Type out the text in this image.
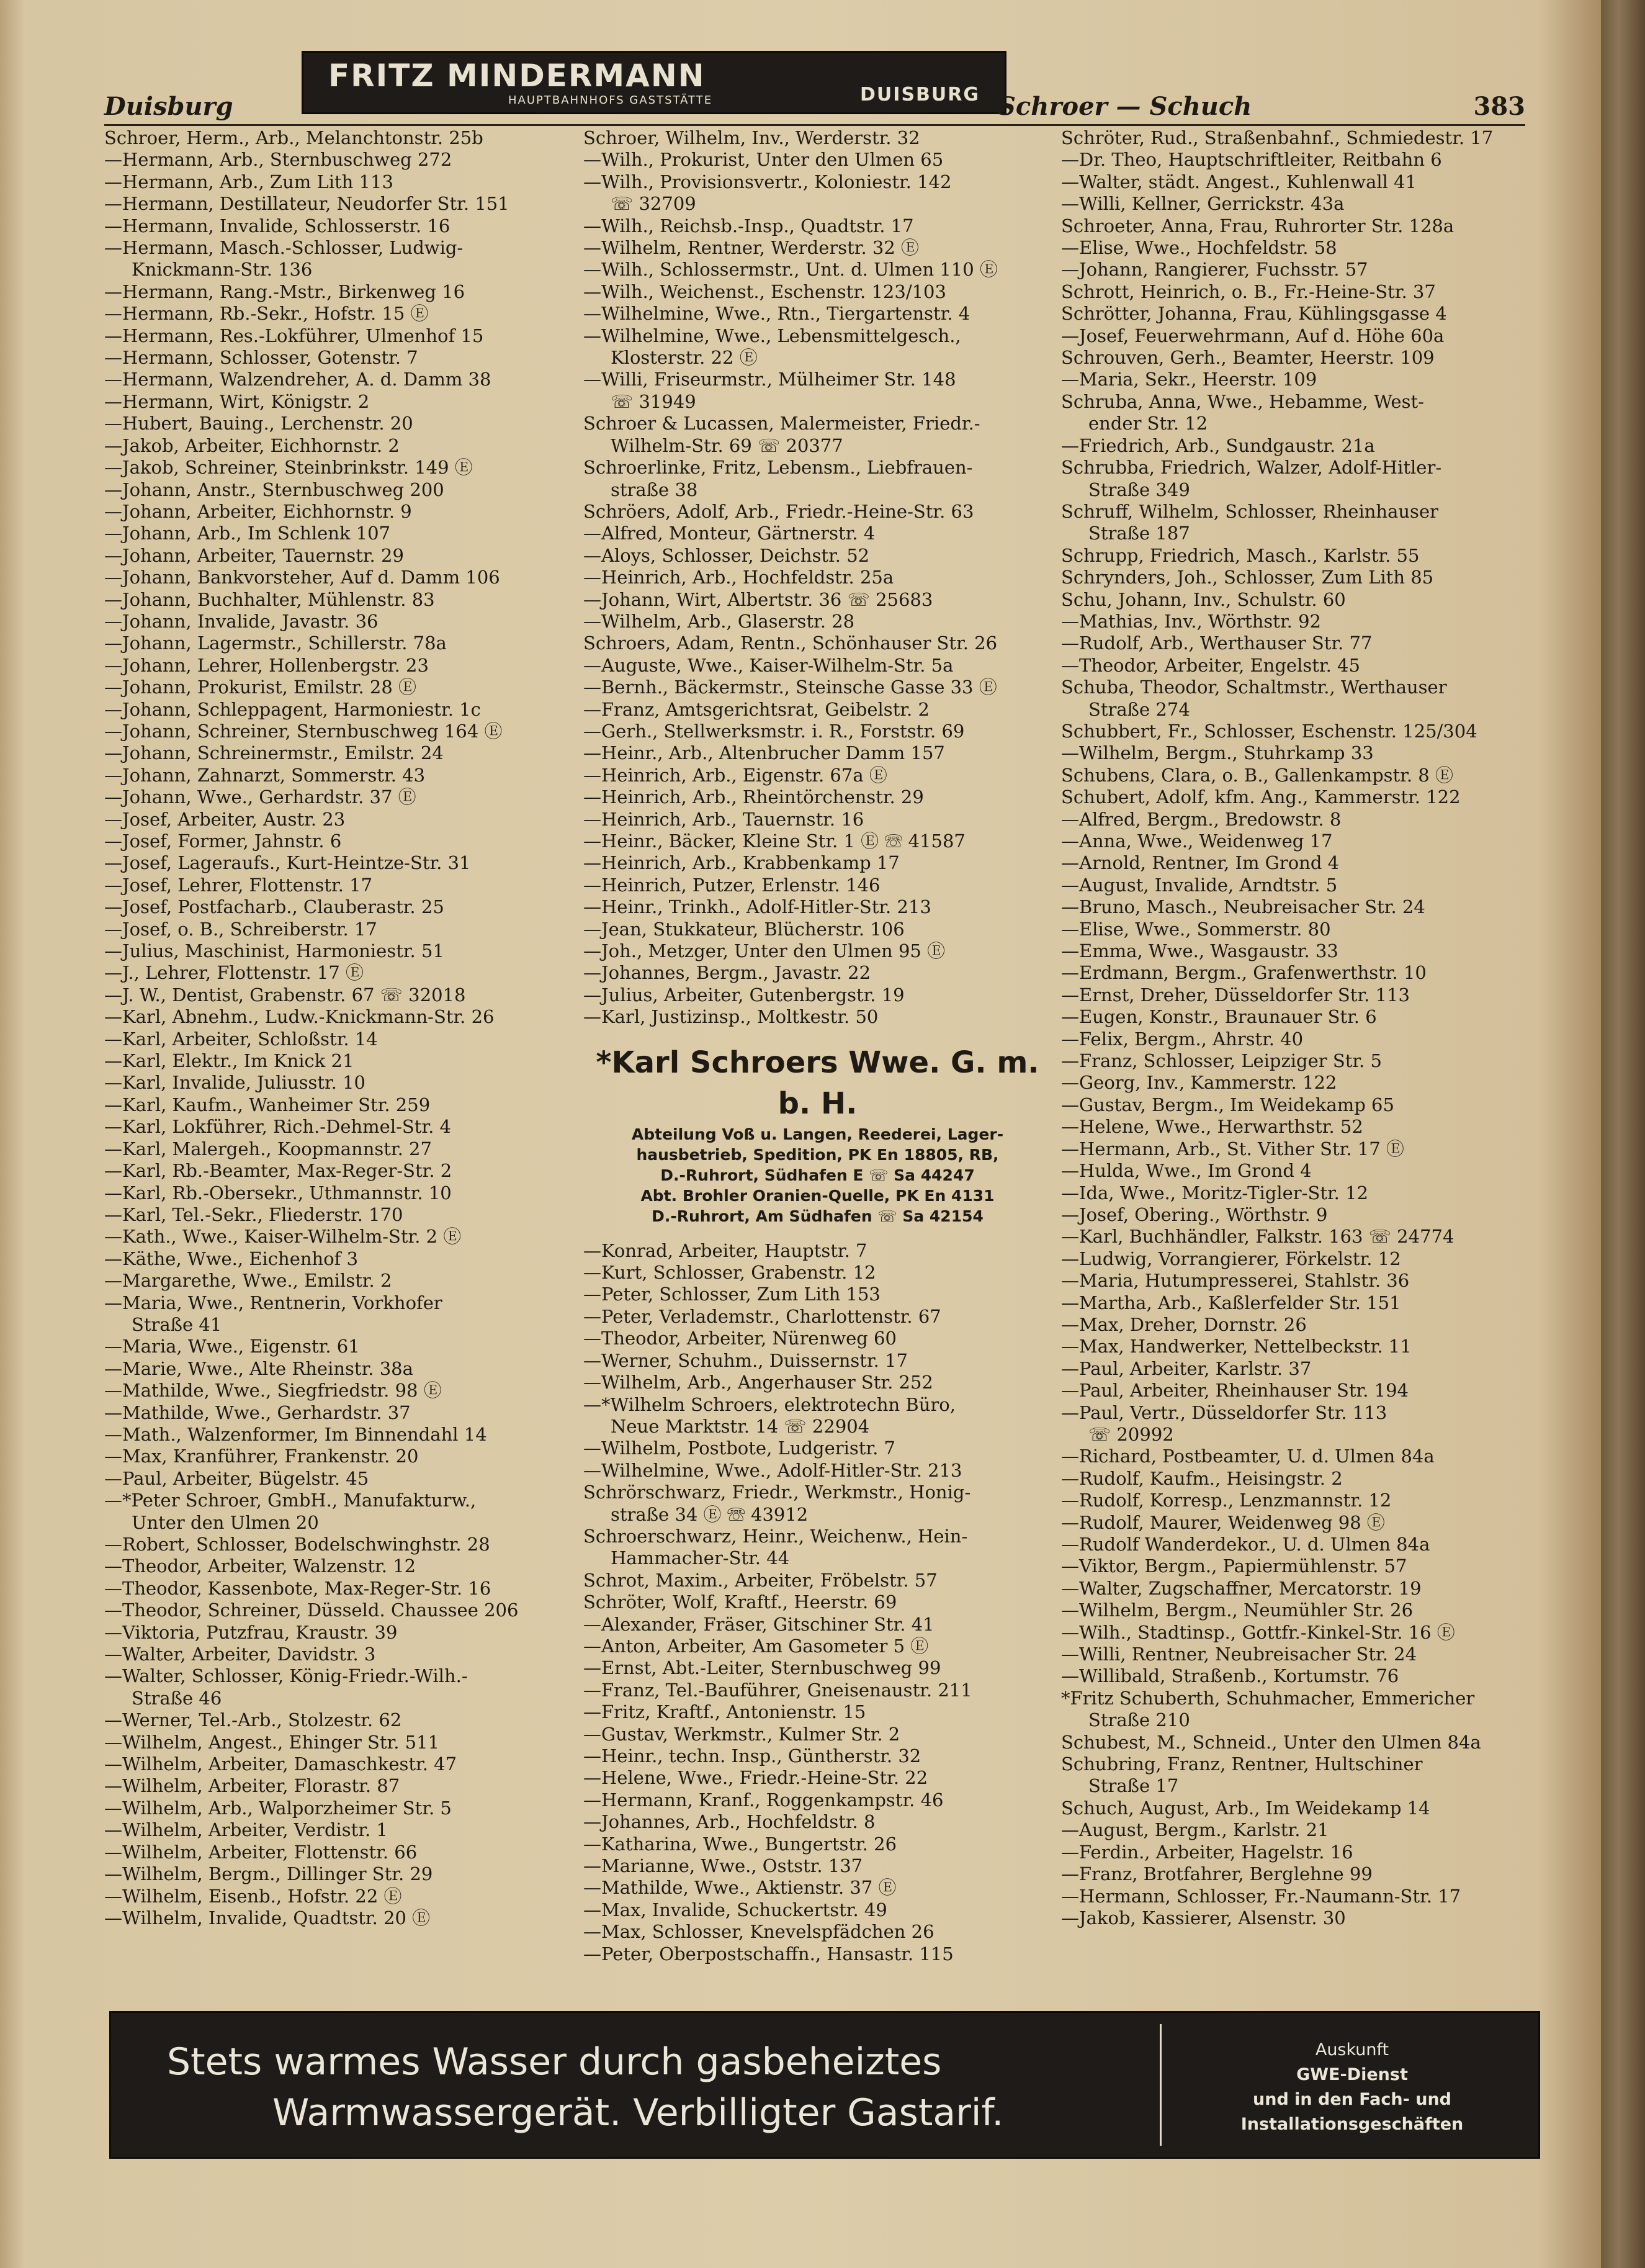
Duisburg
FRITZ MINDERMANN
HAUPTBAHNHOFS GASTSTÄTTE	DUISBURG Schroer — Schuch	383
Schroer, Herm., Arb., Melanchtonstr. 25b
—Hermann, Arb., Sternbuschweg 272
—Hermann, Arb., Zum Lith 113
—Hermann, Destillateur, Neudorfer Str. 151
—Hermann, Invalide, Schlosserstr. 16
—Hermann, Masch.-Schlosser, Ludwig-
Knickmann-Str. 136
—Hermann, Rang.-Mstr., Birkenweg 16
—Hermann, Rb.-Sekr., Hofstr. 15 Ⓔ
—Hermann, Res.-Lokführer, Ulmenhof 15
—Hermann, Schlosser, Gotenstr. 7
—Hermann, Walzendreher, A. d. Damm 38
—Hermann, Wirt, Königstr. 2
—Hubert, Bauing., Lerchenstr. 20
—Jakob, Arbeiter, Eichhornstr. 2
—Jakob, Schreiner, Steinbrinkstr. 149 Ⓔ
—Johann, Anstr., Sternbuschweg 200
—Johann, Arbeiter, Eichhornstr. 9
—Johann, Arb., Im Schlenk 107
—Johann, Arbeiter, Tauernstr. 29
—Johann, Bankvorsteher, Auf d. Damm 106
—Johann, Buchhalter, Mühlenstr. 83
—Johann, Invalide, Javastr. 36
—Johann, Lagermstr., Schillerstr. 78a
—Johann, Lehrer, Hollenbergstr. 23
—Johann, Prokurist, Emilstr. 28 Ⓔ
—Johann, Schleppagent, Harmoniestr. 1c
—Johann, Schreiner, Sternbuschweg 164 Ⓔ
—Johann, Schreinermstr., Emilstr. 24
—Johann, Zahnarzt, Sommerstr. 43
—Johann, Wwe., Gerhardstr. 37 Ⓔ
—Josef, Arbeiter, Austr. 23
—Josef, Former, Jahnstr. 6
—Josef, Lageraufs., Kurt-Heintze-Str. 31
—Josef, Lehrer, Flottenstr. 17
—Josef, Postfacharb., Clauberastr. 25
—Josef, o. B., Schreiberstr. 17
—Julius, Maschinist, Harmoniestr. 51
—J., Lehrer, Flottenstr. 17 Ⓔ
—J. W., Dentist, Grabenstr. 67 ☏ 32018
—Karl, Abnehm., Ludw.-Knickmann-Str. 26
—Karl, Arbeiter, Schloßstr. 14
—Karl, Elektr., Im Knick 21
—Karl, Invalide, Juliusstr. 10
—Karl, Kaufm., Wanheimer Str. 259
—Karl, Lokführer, Rich.-Dehmel-Str. 4
—Karl, Malergeh., Koopmannstr. 27
—Karl, Rb.-Beamter, Max-Reger-Str. 2
—Karl, Rb.-Obersekr., Uthmannstr. 10
—Karl, Tel.-Sekr., Fliederstr. 170
—Kath., Wwe., Kaiser-Wilhelm-Str. 2 Ⓔ
—Käthe, Wwe., Eichenhof 3
—Margarethe, Wwe., Emilstr. 2
—Maria, Wwe., Rentnerin, Vorkhofer
Straße 41
—Maria, Wwe., Eigenstr. 61
—Marie, Wwe., Alte Rheinstr. 38a
—Mathilde, Wwe., Siegfriedstr. 98 Ⓔ
—Mathilde, Wwe., Gerhardstr. 37
—Math., Walzenformer, Im Binnendahl 14
—Max, Kranführer, Frankenstr. 20
—Paul, Arbeiter, Bügelstr. 45
—*Peter Schroer, GmbH., Manufakturw.,
Unter den Ulmen 20
—Robert, Schlosser, Bodelschwinghstr. 28
—Theodor, Arbeiter, Walzenstr. 12
—Theodor, Kassenbote, Max-Reger-Str. 16
—Theodor, Schreiner, Düsseld. Chaussee 206
—Viktoria, Putzfrau, Kraustr. 39
—Walter, Arbeiter, Davidstr. 3
—Walter, Schlosser, König-Friedr.-Wilh.-
Straße 46
—Werner, Tel.-Arb., Stolzestr. 62
—Wilhelm, Angest., Ehinger Str. 511
—Wilhelm, Arbeiter, Damaschkestr. 47
—Wilhelm, Arbeiter, Florastr. 87
—Wilhelm, Arb., Walporzheimer Str. 5
—Wilhelm, Arbeiter, Verdistr. 1
—Wilhelm, Arbeiter, Flottenstr. 66
—Wilhelm, Bergm., Dillinger Str. 29
—Wilhelm, Eisenb., Hofstr. 22 Ⓔ
—Wilhelm, Invalide, Quadtstr. 20 Ⓔ
Schroer, Wilhelm, Inv., Werderstr. 32
—Wilh., Prokurist, Unter den Ulmen 65
—Wilh., Provisionsvertr., Koloniestr. 142
☏ 32709
—Wilh., Reichsb.-Insp., Quadtstr. 17
—Wilhelm, Rentner, Werderstr. 32 Ⓔ
—Wilh., Schlossermstr., Unt. d. Ulmen 110 Ⓔ
—Wilh., Weichenst., Eschenstr. 123/103
—Wilhelmine, Wwe., Rtn., Tiergartenstr. 4
—Wilhelmine, Wwe., Lebensmittelgesch.,
Klosterstr. 22 Ⓔ
—Willi, Friseurmstr., Mülheimer Str. 148
☏ 31949
Schroer & Lucassen, Malermeister, Friedr.-
Wilhelm-Str. 69 ☏ 20377
Schroerlinke, Fritz, Lebensm., Liebfrauen-
straße 38
Schröers, Adolf, Arb., Friedr.-Heine-Str. 63
—Alfred, Monteur, Gärtnerstr. 4
—Aloys, Schlosser, Deichstr. 52
—Heinrich, Arb., Hochfeldstr. 25a
—Johann, Wirt, Albertstr. 36 ☏ 25683
—Wilhelm, Arb., Glaserstr. 28
Schroers, Adam, Rentn., Schönhauser Str. 26
—Auguste, Wwe., Kaiser-Wilhelm-Str. 5a
—Bernh., Bäckermstr., Steinsche Gasse 33 Ⓔ
—Franz, Amtsgerichtsrat, Geibelstr. 2
—Gerh., Stellwerksmstr. i. R., Forststr. 69
—Heinr., Arb., Altenbrucher Damm 157
—Heinrich, Arb., Eigenstr. 67a Ⓔ
—Heinrich, Arb., Rheintörchenstr. 29
—Heinrich, Arb., Tauernstr. 16
—Heinr., Bäcker, Kleine Str. 1 Ⓔ ☏ 41587
—Heinrich, Arb., Krabbenkamp 17
—Heinrich, Putzer, Erlenstr. 146
—Heinr., Trinkh., Adolf-Hitler-Str. 213
—Jean, Stukkateur, Blücherstr. 106
—Joh., Metzger, Unter den Ulmen 95 Ⓔ
—Johannes, Bergm., Javastr. 22
—Julius, Arbeiter, Gutenbergstr. 19
—Karl, Justizinsp., Moltkestr. 50
*Karl Schroers Wwe. G. m. b. H.
Abteilung Voß u. Langen, Reederei, Lager-
hausbetrieb, Spedition, PK En 18805, RB,
D.-Ruhrort, Südhafen E ☏ Sa 44247
Abt. Brohler Oranien-Quelle, PK En 4131
D.-Ruhrort, Am Südhafen ☏ Sa 42154
—Konrad, Arbeiter, Hauptstr. 7
—Kurt, Schlosser, Grabenstr. 12
—Peter, Schlosser, Zum Lith 153
—Peter, Verlademstr., Charlottenstr. 67
—Theodor, Arbeiter, Nürenweg 60
—Werner, Schuhm., Duissernstr. 17
—Wilhelm, Arb., Angerhauser Str. 252
—*Wilhelm Schroers, elektrotechn Büro,
Neue Marktstr. 14 ☏ 22904
—Wilhelm, Postbote, Ludgeristr. 7
—Wilhelmine, Wwe., Adolf-Hitler-Str. 213
Schrörschwarz, Friedr., Werkmstr., Honig-
straße 34 Ⓔ ☏ 43912
Schroerschwarz, Heinr., Weichenw., Hein-
Hammacher-Str. 44
Schrot, Maxim., Arbeiter, Fröbelstr. 57
Schröter, Wolf, Kraftf., Heerstr. 69
—Alexander, Fräser, Gitschiner Str. 41
—Anton, Arbeiter, Am Gasometer 5 Ⓔ
—Ernst, Abt.-Leiter, Sternbuschweg 99
—Franz, Tel.-Bauführer, Gneisenaustr. 211
—Fritz, Kraftf., Antonienstr. 15
—Gustav, Werkmstr., Kulmer Str. 2
—Heinr., techn. Insp., Güntherstr. 32
—Helene, Wwe., Friedr.-Heine-Str. 22
—Hermann, Kranf., Roggenkampstr. 46
—Johannes, Arb., Hochfeldstr. 8
—Katharina, Wwe., Bungertstr. 26
—Marianne, Wwe., Oststr. 137
—Mathilde, Wwe., Aktienstr. 37 Ⓔ
—Max, Invalide, Schuckertstr. 49
—Max, Schlosser, Knevelspfädchen 26
—Peter, Oberpostschaffn., Hansastr. 115
Schröter, Rud., Straßenbahnf., Schmiedestr. 17
—Dr. Theo, Hauptschriftleiter, Reitbahn 6
—Walter, städt. Angest., Kuhlenwall 41
—Willi, Kellner, Gerrickstr. 43a
Schroeter, Anna, Frau, Ruhrorter Str. 128a
—Elise, Wwe., Hochfeldstr. 58
—Johann, Rangierer, Fuchsstr. 57
Schrott, Heinrich, o. B., Fr.-Heine-Str. 37
Schrötter, Johanna, Frau, Kühlingsgasse 4
—Josef, Feuerwehrmann, Auf d. Höhe 60a
Schrouven, Gerh., Beamter, Heerstr. 109
—Maria, Sekr., Heerstr. 109
Schruba, Anna, Wwe., Hebamme, West-
ender Str. 12
—Friedrich, Arb., Sundgaustr. 21a
Schrubba, Friedrich, Walzer, Adolf-Hitler-
Straße 349
Schruff, Wilhelm, Schlosser, Rheinhauser
Straße 187
Schrupp, Friedrich, Masch., Karlstr. 55
Schrynders, Joh., Schlosser, Zum Lith 85
Schu, Johann, Inv., Schulstr. 60
—Mathias, Inv., Wörthstr. 92
—Rudolf, Arb., Werthauser Str. 77
—Theodor, Arbeiter, Engelstr. 45
Schuba, Theodor, Schaltmstr., Werthauser
Straße 274
Schubbert, Fr., Schlosser, Eschenstr. 125/304
—Wilhelm, Bergm., Stuhrkamp 33
Schubens, Clara, o. B., Gallenkampstr. 8 Ⓔ
Schubert, Adolf, kfm. Ang., Kammerstr. 122
—Alfred, Bergm., Bredowstr. 8
—Anna, Wwe., Weidenweg 17
—Arnold, Rentner, Im Grond 4
—August, Invalide, Arndtstr. 5
—Bruno, Masch., Neubreisacher Str. 24
—Elise, Wwe., Sommerstr. 80
—Emma, Wwe., Wasgaustr. 33
—Erdmann, Bergm., Grafenwerthstr. 10
—Ernst, Dreher, Düsseldorfer Str. 113
—Eugen, Konstr., Braunauer Str. 6
—Felix, Bergm., Ahrstr. 40
—Franz, Schlosser, Leipziger Str. 5
—Georg, Inv., Kammerstr. 122
—Gustav, Bergm., Im Weidekamp 65
—Helene, Wwe., Herwarthstr. 52
—Hermann, Arb., St. Vither Str. 17 Ⓔ
—Hulda, Wwe., Im Grond 4
—Ida, Wwe., Moritz-Tigler-Str. 12
—Josef, Obering., Wörthstr. 9
—Karl, Buchhändler, Falkstr. 163 ☏ 24774
—Ludwig, Vorrangierer, Förkelstr. 12
—Maria, Hutumpresserei, Stahlstr. 36
—Martha, Arb., Kaßlerfelder Str. 151
—Max, Dreher, Dornstr. 26
—Max, Handwerker, Nettelbeckstr. 11
—Paul, Arbeiter, Karlstr. 37
—Paul, Arbeiter, Rheinhauser Str. 194
—Paul, Vertr., Düsseldorfer Str. 113
☏ 20992
—Richard, Postbeamter, U. d. Ulmen 84a
—Rudolf, Kaufm., Heisingstr. 2
—Rudolf, Korresp., Lenzmannstr. 12
—Rudolf, Maurer, Weidenweg 98 Ⓔ
—Rudolf Wanderdekor., U. d. Ulmen 84a
—Viktor, Bergm., Papiermühlenstr. 57
—Walter, Zugschaffner, Mercatorstr. 19
—Wilhelm, Bergm., Neumühler Str. 26
—Wilh., Stadtinsp., Gottfr.-Kinkel-Str. 16 Ⓔ
—Willi, Rentner, Neubreisacher Str. 24
—Willibald, Straßenb., Kortumstr. 76
*Fritz Schuberth, Schuhmacher, Emmericher
Straße 210
Schubest, M., Schneid., Unter den Ulmen 84a
Schubring, Franz, Rentner, Hultschiner
Straße 17
Schuch, August, Arb., Im Weidekamp 14
—August, Bergm., Karlstr. 21
—Ferdin., Arbeiter, Hagelstr. 16
—Franz, Brotfahrer, Berglehne 99
—Hermann, Schlosser, Fr.-Naumann-Str. 17
—Jakob, Kassierer, Alsenstr. 30
Stets warmes Wasser durch gasbeheiztes
Warmwassergerät. Verbilligter Gastarif.
Auskunft
GWE-Dienst
und in den Fach- und
Installationsgeschäften
